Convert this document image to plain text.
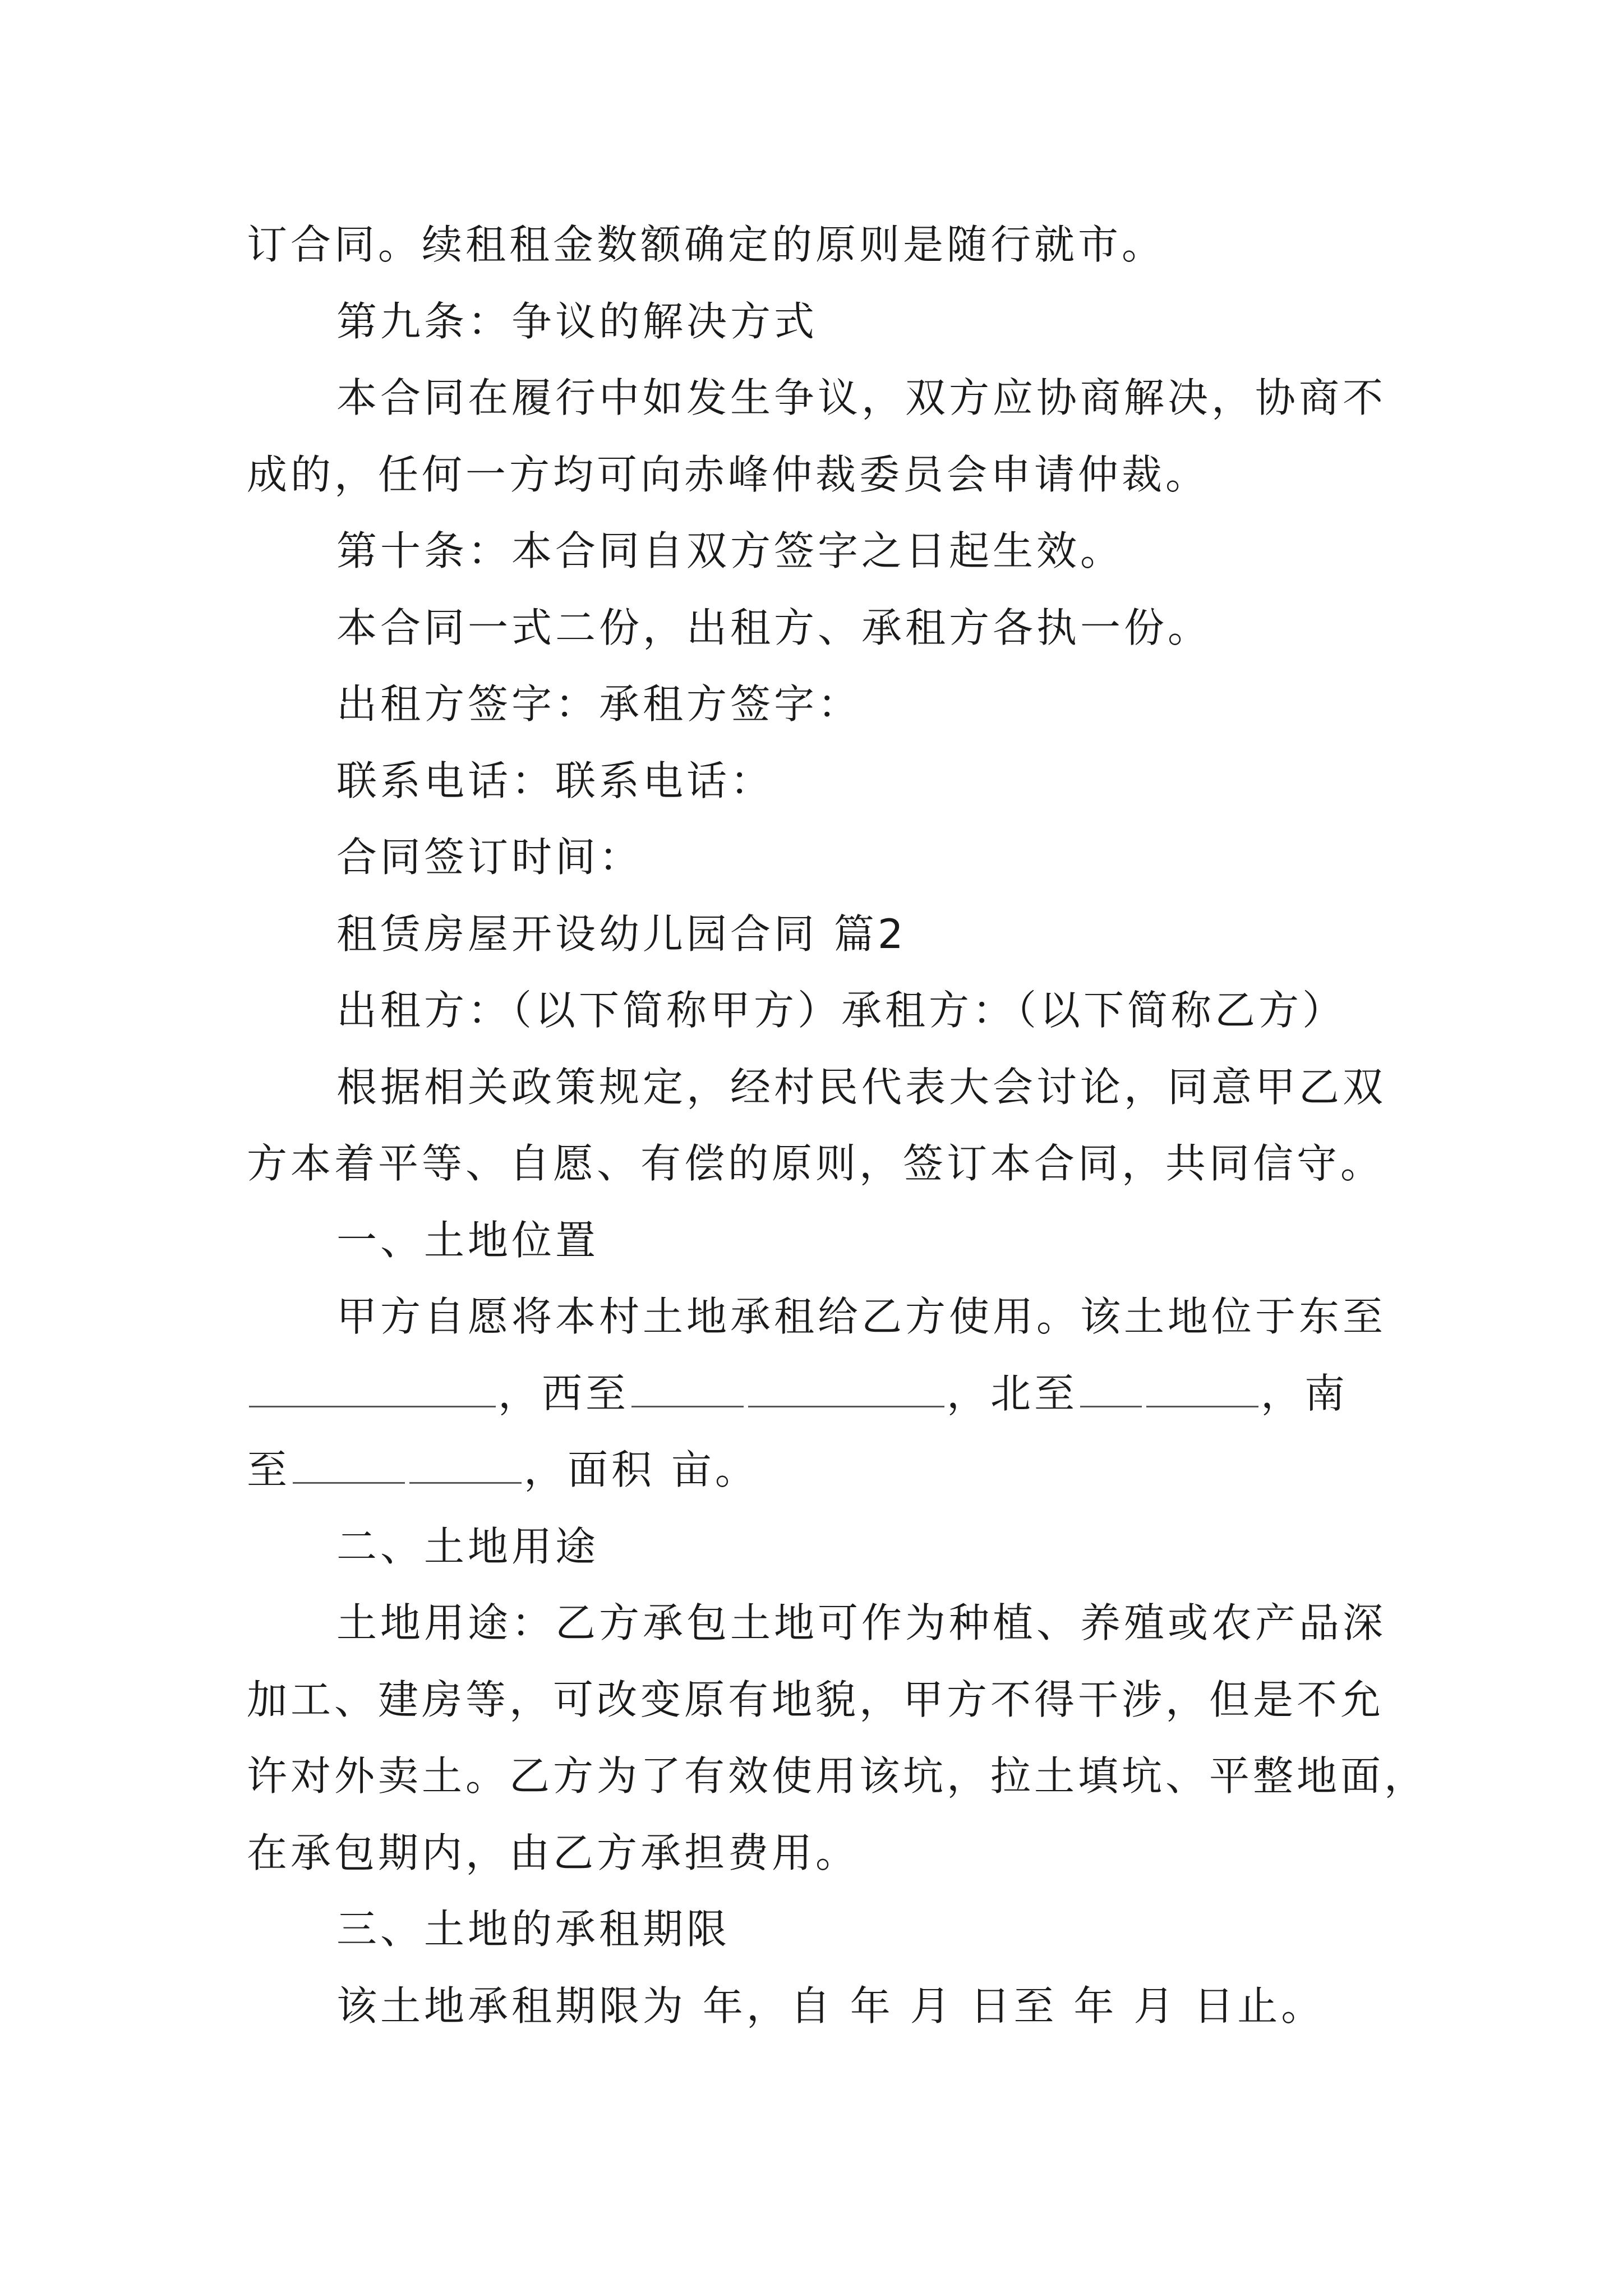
订合同。续租租金数额确定的原则是随行就市。
第九条：争议的解决方式
本合同在履行中如发生争议，双方应协商解决，协商不
成的，任何一方均可向赤峰仲裁委员会申请仲裁。
第十条：本合同自双方签字之日起生效。
本合同一式二份，出租方、承租方各执一份。
出租方签字：承租方签字：
联系电话：联系电话：
合同签订时间：
租赁房屋开设幼儿园合同 篇2
出租方：（以下简称甲方）承租方：（以下简称乙方）
根据相关政策规定，经村民代表大会讨论，同意甲乙双
方本着平等、自愿、有偿的原则，签订本合同，共同信守。
一、土地位置
甲方自愿将本村土地承租给乙方使用。该土地位于东至
，西至	，北至	，南
至	，面积 亩。
二、土地用途
土地用途：乙方承包土地可作为种植、养殖或农产品深
加工、建房等，可改变原有地貌，甲方不得干涉，但是不允
许对外卖土。乙方为了有效使用该坑，拉土填坑、平整地面，
在承包期内，由乙方承担费用。
三、土地的承租期限
该土地承租期限为 年，自 年 月 日至 年 月 日止。
